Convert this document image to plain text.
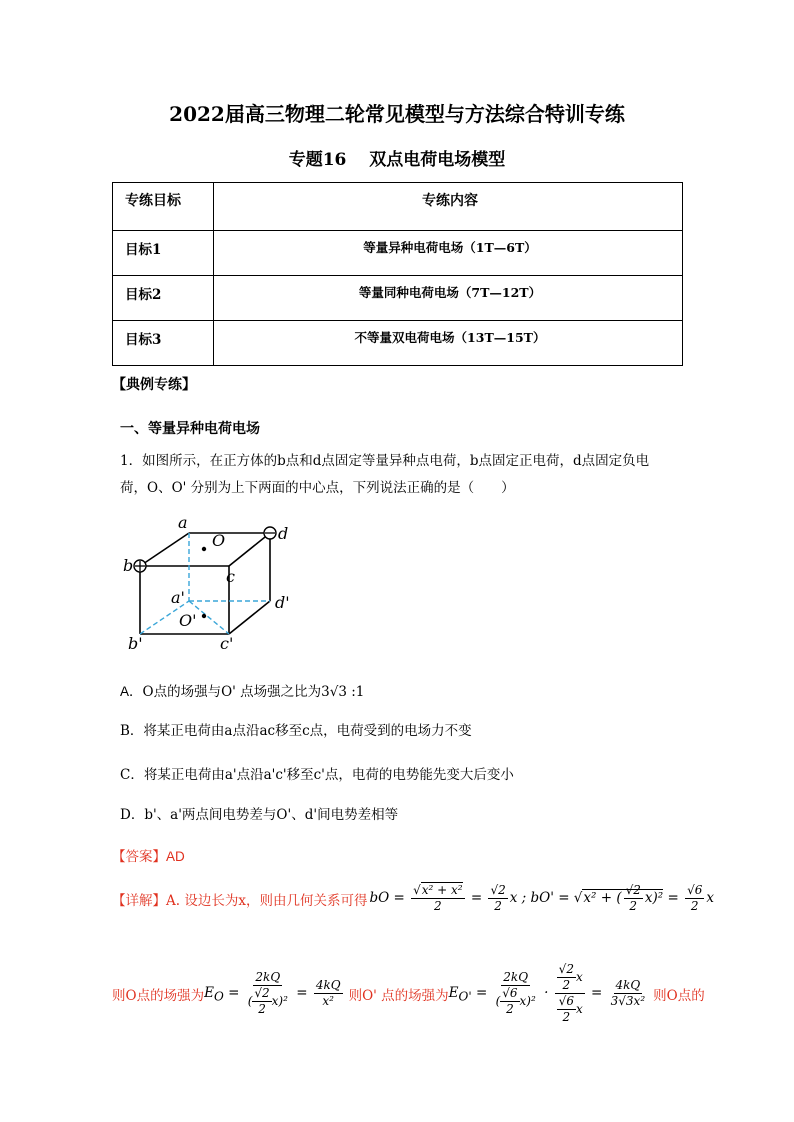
2022届高三物理二轮常见模型与方法综合特训专练
专题16　 双点电荷电场模型
专练目标	专练内容
目标1	等量异种电荷电场（1T—6T）
目标2	等量同种电荷电场（7T—12T）
目标3	不等量双电荷电场（13T—15T）
【典例专练】
一、等量异种电荷电场
1．如图所示，在正方体的b点和d点固定等量异种点电荷，b点固定正电荷，d点固定负电
荷，O、O' 分别为上下两面的中心点，下列说法正确的是（　　）
a
b
c
d
O
a'	d'
O'
b'	c'
A．O点的场强与O' 点场强之比为3√3 :1
B．将某正电荷由a点沿ac移至c点，电荷受到的电场力不变
C．将某正电荷由a'点沿a'c'移至c'点，电荷的电势能先变大后变小
D．b'、a'两点间电势差与O'、d'间电势差相等
【答案】AD
【详解】 A. 设边长为x，则由几何关系可得 bO = $\frac{\text{√x² + x²}}{2} = \frac{√2}{2}$ x ; bO' = √x² + ( $\frac{√2}{2} x)^2 = \frac{√6}{2}$ x
则O点的场强为 $E_O = \frac{2kQ}{( \frac{√2}{2} x)^2} = \frac{4kQ}{\text{x²}}$ 则O' 点的场强为 $E_{O'} = \frac{2kQ}{( \frac{√6}{2} x)^2} \cdot \frac{\frac{√2}{2} x}{\frac{√6}{2} x} = \frac{4kQ}{\text{3√3x²}}$ 则O点的
